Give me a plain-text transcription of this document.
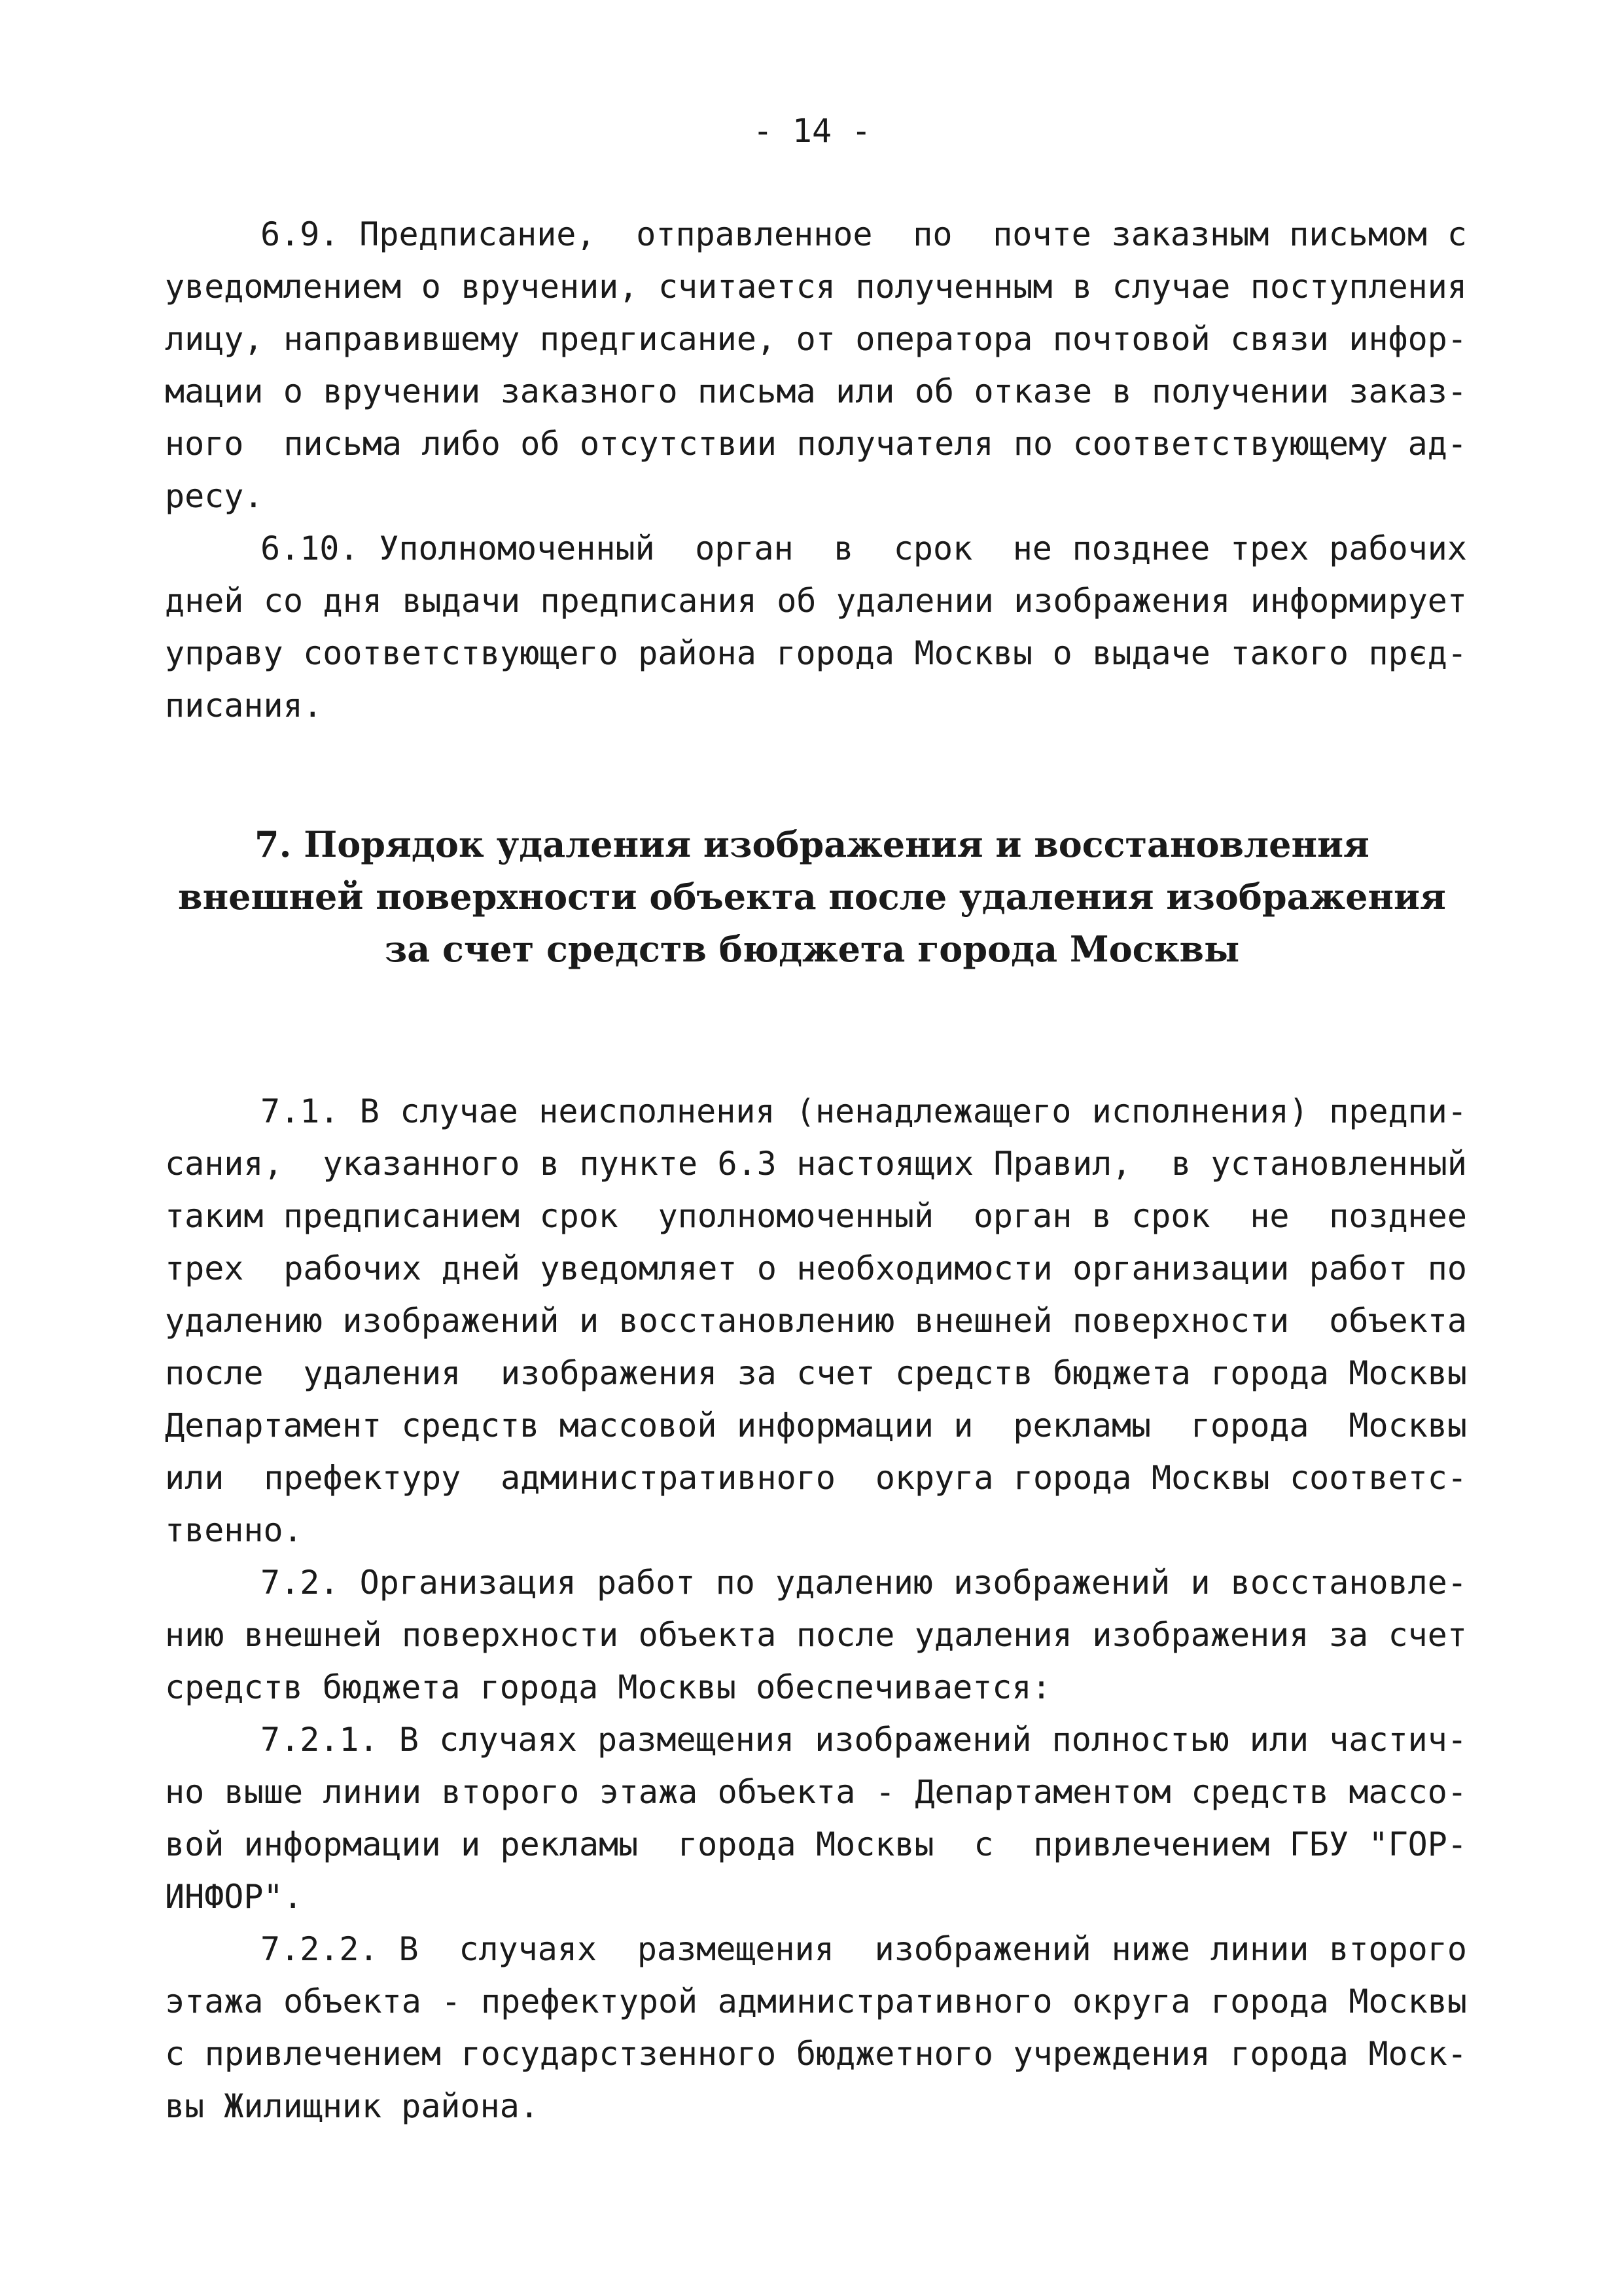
- 14 -
6.9. Предписание,  отправленное  по  почте заказным письмом с
уведомлением о вручении, считается полученным в случае поступления
лицу, направившему предгисание, от оператора почтовой связи инфор-
мации о вручении заказного письма или об отказе в получении заказ-
ного  письма либо об отсутствии получателя по соответствующему ад-
ресу.
6.10. Уполномоченный  орган  в  срок  не позднее трех рабочих
дней со дня выдачи предписания об удалении изображения информирует
управу соответствующего района города Москвы о выдаче такого прєд-
писания.
7. Порядок удаления изображения и восстановления
внешней поверхности объекта после удаления изображения
за счет средств бюджета города Москвы
7.1. В случае неисполнения (ненадлежащего исполнения) предпи-
сания,  указанного в пункте 6.3 настоящих Правил,  в установленный
таким предписанием срок  уполномоченный  орган в срок  не  позднее
трех  рабочих дней уведомляет о необходимости организации работ по
удалению изображений и восстановлению внешней поверхности  объекта
после  удаления  изображения за счет средств бюджета города Москвы
Департамент средств массовой информации и  рекламы  города  Москвы
или  префектуру  административного  округа города Москвы соответс-
твенно.
7.2. Организация работ по удалению изображений и восстановле-
нию внешней поверхности объекта после удаления изображения за счет
средств бюджета города Москвы обеспечивается:
7.2.1. В случаях размещения изображений полностью или частич-
но выше линии второго этажа объекта - Департаментом средств массо-
вой информации и рекламы  города Москвы  с  привлечением ГБУ "ГОР-
ИНФОР".
7.2.2. В  случаях  размещения  изображений ниже линии второго
этажа объекта - префектурой административного округа города Москвы
с привлечением государстзенного бюджетного учреждения города Моск-
вы Жилищник района.
